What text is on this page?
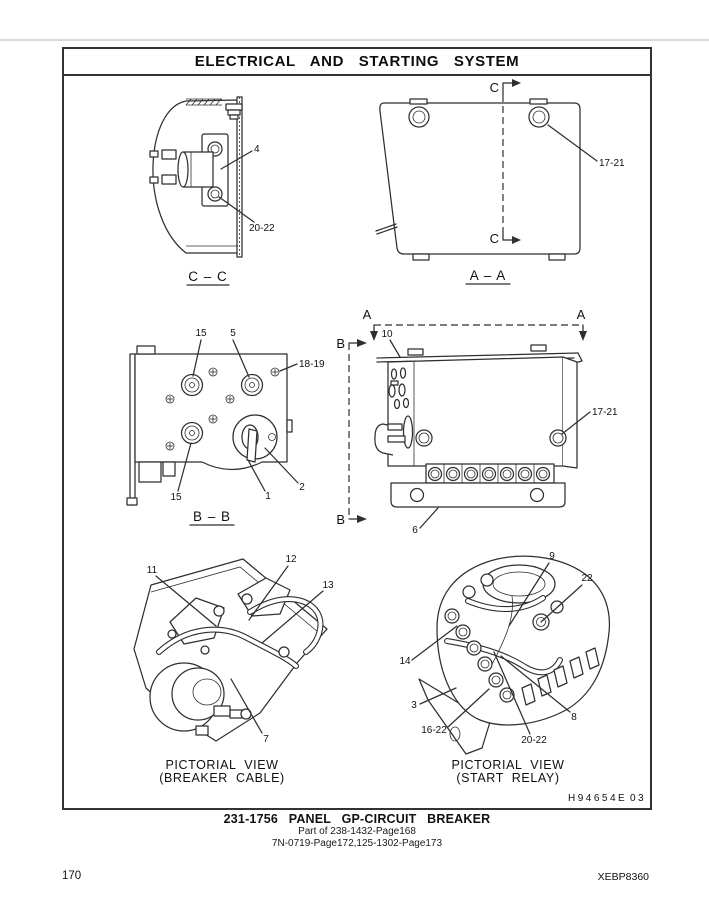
ELECTRICAL AND STARTING SYSTEM
4
20-22
C – C
C
C
17-21
A – A
15 5
18-19
15	1
2
B – B
A	A
B
B
10
17-21
6
11
12
13
7
PICTORIAL VIEW
(BREAKER CABLE)
9
22
14
3
16-22
20-22
8
PICTORIAL VIEW
(START RELAY)
H94654E 03
231-1756 PANEL GP-CIRCUIT BREAKER
Part of 238-1432-Page168
7N-0719-Page172,125-1302-Page173
170	XEBP8360
